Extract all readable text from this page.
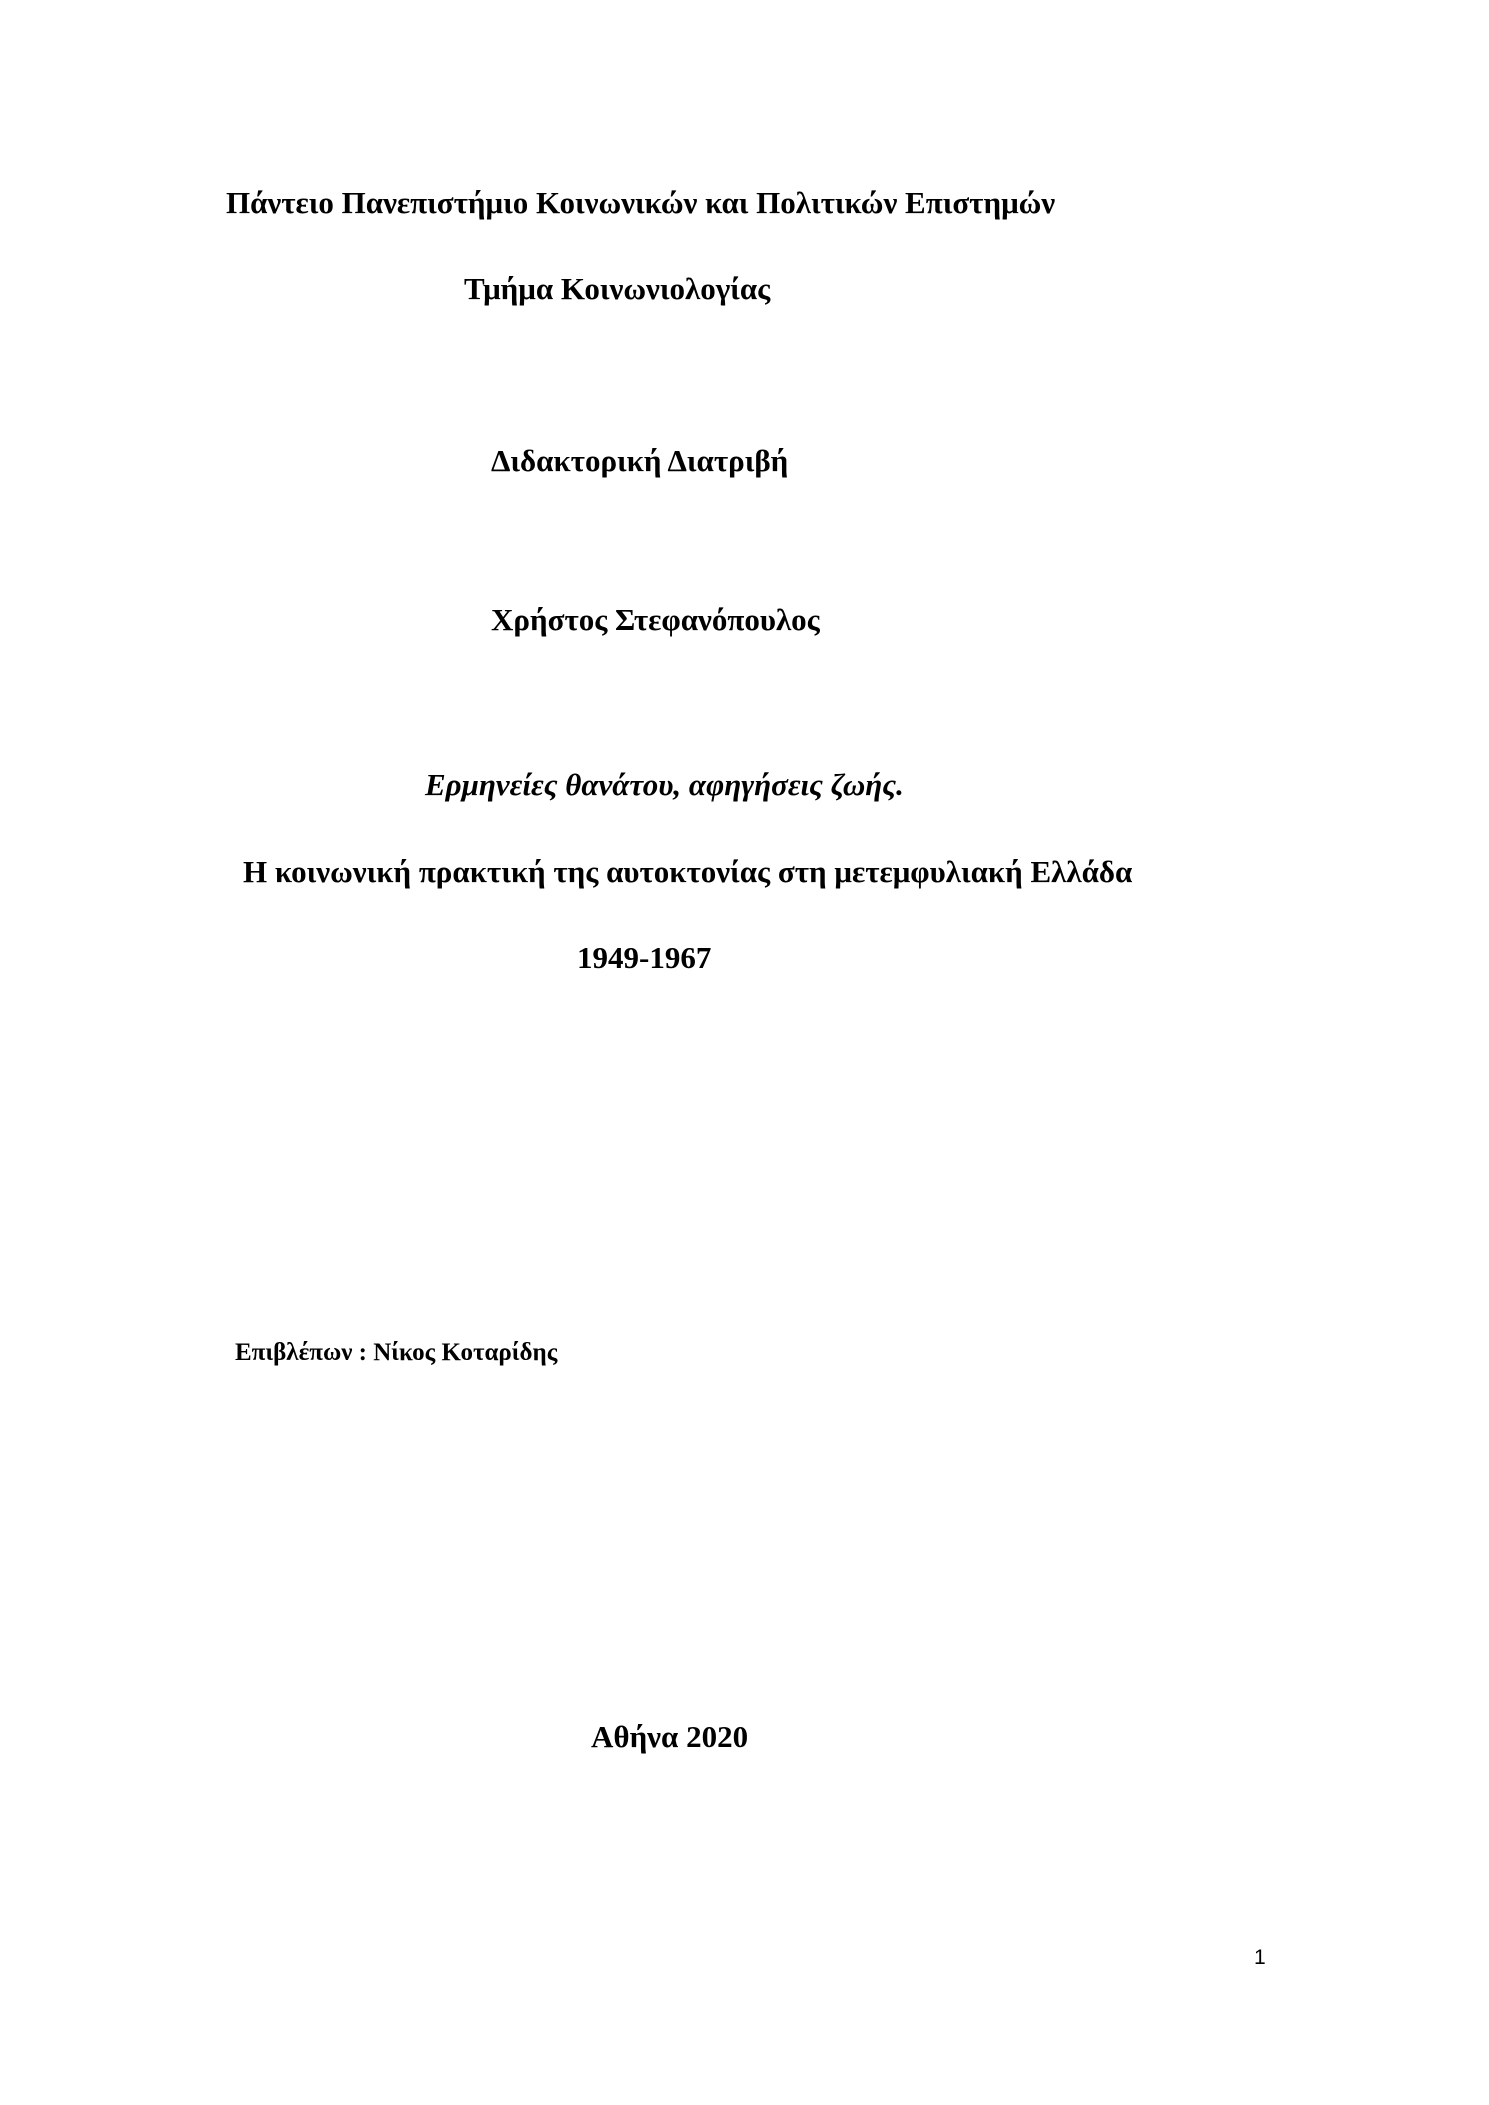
Πάντειο Πανεπιστήμιο Κοινωνικών και Πολιτικών Επιστημών
Τμήμα Κοινωνιολογίας
Διδακτορική Διατριβή
Χρήστος Στεφανόπουλος
Ερμηνείες θανάτου, αφηγήσεις ζωής.
Η κοινωνική πρακτική της αυτοκτονίας στη μετεμφυλιακή Ελλάδα
1949-1967
Επιβλέπων : Νίκος Κοταρίδης
Αθήνα 2020
1
